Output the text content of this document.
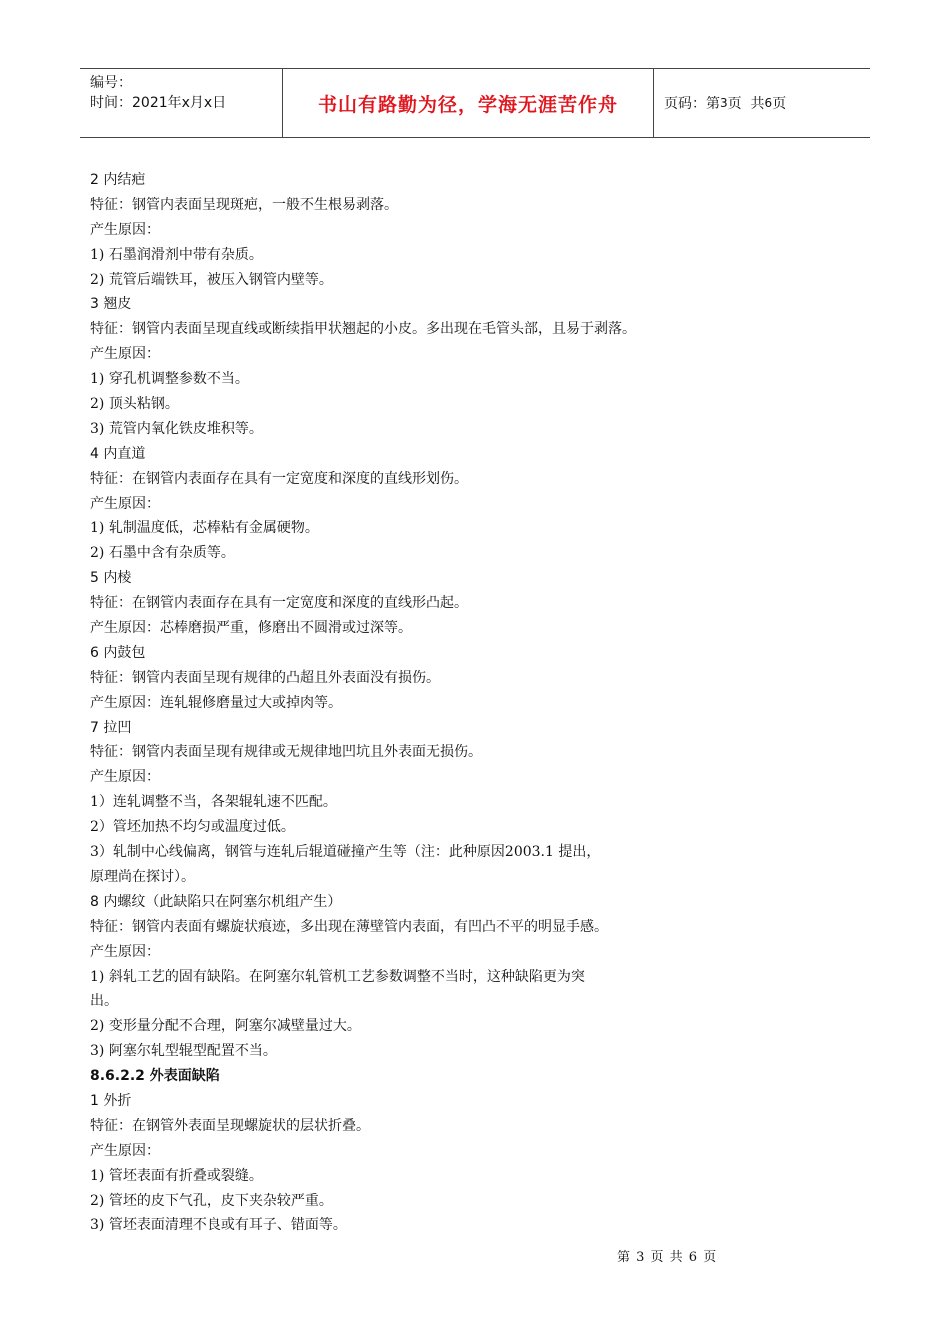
编号：
时间：2021年x月x日	书山有路勤为径，学海无涯苦作舟	页码：第 3 页  共 6 页
2 内结疤
特征：钢管内表面呈现斑疤，一般不生根易剥落。
产生原因：
1) 石墨润滑剂中带有杂质。
2) 荒管后端铁耳，被压入钢管内壁等。
3 翘皮
特征：钢管内表面呈现直线或断续指甲状翘起的小皮。多出现在毛管头部，且易于剥落。
产生原因：
1) 穿孔机调整参数不当。
2) 顶头粘钢。
3) 荒管内氧化铁皮堆积等。
4 内直道
特征：在钢管内表面存在具有一定宽度和深度的直线形划伤。
产生原因：
1) 轧制温度低，芯棒粘有金属硬物。
2) 石墨中含有杂质等。
5 内棱
特征：在钢管内表面存在具有一定宽度和深度的直线形凸起。
产生原因：芯棒磨损严重，修磨出不圆滑或过深等。
6 内鼓包
特征：钢管内表面呈现有规律的凸超且外表面没有损伤。
产生原因：连轧辊修磨量过大或掉肉等。
7 拉凹
特征：钢管内表面呈现有规律或无规律地凹坑且外表面无损伤。
产生原因：
1）连轧调整不当，各架辊轧速不匹配。
2）管坯加热不均匀或温度过低。
3）轧制中心线偏离，钢管与连轧后辊道碰撞产生等（注：此种原因2003.1 提出，
原理尚在探讨）。
8 内螺纹（此缺陷只在阿塞尔机组产生）
特征：钢管内表面有螺旋状痕迹，多出现在薄壁管内表面，有凹凸不平的明显手感。
产生原因：
1) 斜轧工艺的固有缺陷。在阿塞尔轧管机工艺参数调整不当时，这种缺陷更为突
出。
2) 变形量分配不合理，阿塞尔减壁量过大。
3) 阿塞尔轧型辊型配置不当。
8.6.2.2 外表面缺陷
1 外折
特征：在钢管外表面呈现螺旋状的层状折叠。
产生原因：
1) 管坯表面有折叠或裂缝。
2) 管坯的皮下气孔，皮下夹杂较严重。
3) 管坯表面清理不良或有耳子、错面等。
第 3 页 共 6 页
